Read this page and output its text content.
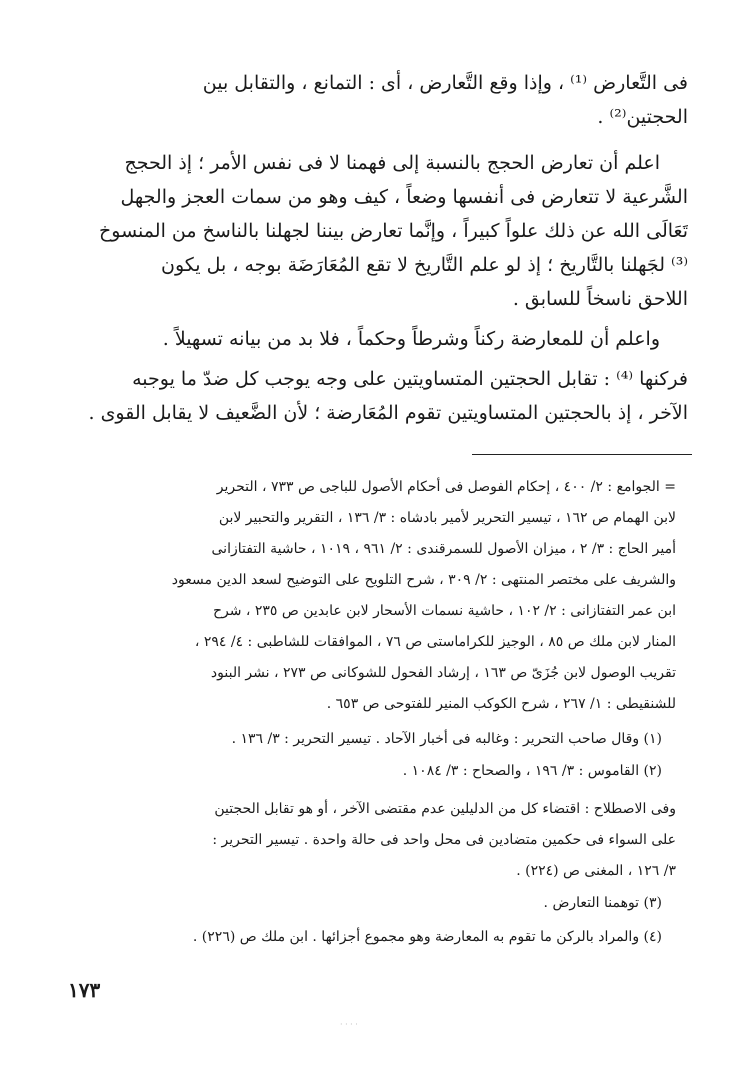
فى التَّعارض ⁽¹⁾ ، وإذا وقع التَّعارض ، أى : التمانع ، والتقابل بين
الحجتين⁽²⁾ .
اعلم أن تعارض الحجج بالنسبة إلى فهمنا لا فى نفس الأمر ؛ إذ الحجج
الشَّرعية لا تتعارض فى أنفسها وضعاً ، كيف وهو من سمات العجز والجهل
تَعَالَى الله عن ذلك علواً كبيراً ، وإنَّما تعارض بيننا لجهلنا بالناسخ من المنسوخ
⁽³⁾ لجَهلنا بالتَّاريخ ؛ إذ لو علم التَّاريخ لا تقع المُعَارَضَة بوجه ، بل يكون
اللاحق ناسخاً للسابق .
واعلم أن للمعارضة ركناً وشرطاً وحكماً ، فلا بد من بيانه تسهيلاً .
فركنها ⁽⁴⁾ : تقابل الحجتين المتساويتين على وجه يوجب كل ضدّ ما يوجبه
الآخر ، إذ بالحجتين المتساويتين تقوم المُعَارضة ؛ لأن الضَّعيف لا يقابل القوى .
= الجوامع : ٢/ ٤٠٠ ، إحكام الفوصل فى أحكام الأصول للباجى ص ٧٣٣ ، التحرير
لابن الهمام ص ١٦٢ ، تيسير التحرير لأمير بادشاه : ٣/ ١٣٦ ، التقرير والتحبير لابن
أمير الحاج : ٣/ ٢ ، ميزان الأصول للسمرقندى : ٢/ ٩٦١ ، ١٠١٩ ، حاشية التفتازانى
والشريف على مختصر المنتهى : ٢/ ٣٠٩ ، شرح التلويح على التوضيح لسعد الدين مسعود
ابن عمر التفتازانى : ٢/ ١٠٢ ، حاشية نسمات الأسحار لابن عابدين ص ٢٣٥ ، شرح
المنار لابن ملك ص ٨٥ ، الوجيز للكراماستى ص ٧٦ ، الموافقات للشاطبى : ٤/ ٢٩٤ ،
تقريب الوصول لابن جُزَىّ ص ١٦٣ ، إرشاد الفحول للشوكانى ص ٢٧٣ ، نشر البنود
للشنقيطى : ١/ ٢٦٧ ، شرح الكوكب المنير للفتوحى ص ٦٥٣ .
(١) وقال صاحب التحرير : وغالبه فى أخبار الآحاد . تيسير التحرير : ٣/ ١٣٦ .
(٢) القاموس : ٣/ ١٩٦ ، والصحاح : ٣/ ١٠٨٤ .
وفى الاصطلاح : اقتضاء كل من الدليلين عدم مقتضى الآخر ، أو هو تقابل الحجتين
على السواء فى حكمين متضادين فى محل واحد فى حالة واحدة . تيسير التحرير :
٣/ ١٢٦ ، المغنى ص (٢٢٤) .
(٣) توهمنا التعارض .
(٤) والمراد بالركن ما تقوم به المعارضة وهو مجموع أجزائها . ابن ملك ص (٢٢٦) .
١٧٣
· · · ·
